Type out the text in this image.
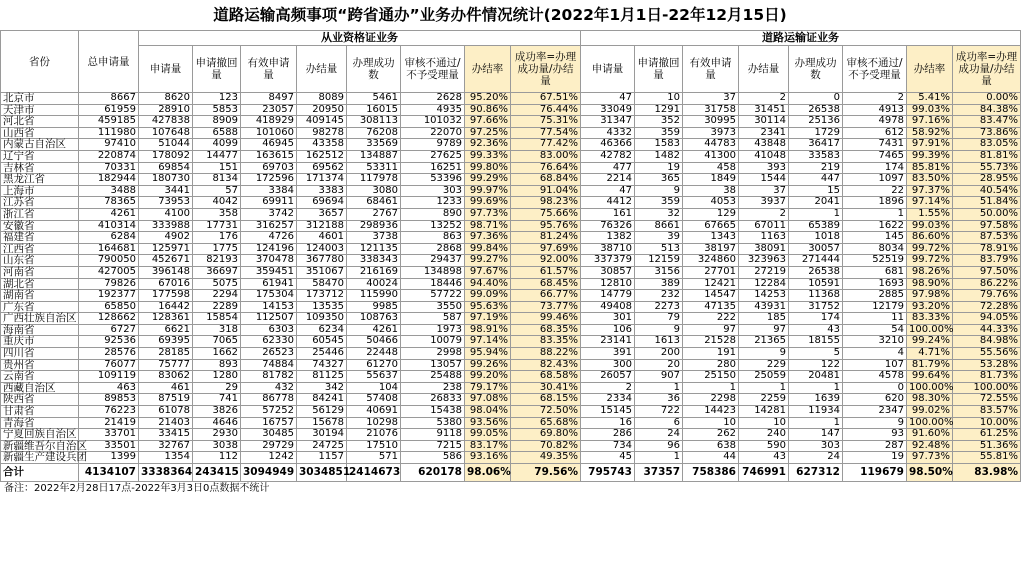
道路运输高频事项“跨省通办”业务办件情况统计(2022年1月1日-22年12月15日)
省份	总申请量	从业资格证业务								道路运输证业务							
		申请量	申请撤回量	有效申请量	办结量	办理成功数	审核不通过/不予受理量	办结率	成功率=办理成功量/办结量	申请量	申请撤回量	有效申请量	办结量	办理成功数	审核不通过/不予受理量	办结率	成功率=办理成功量/办结量
北京市	8667	8620	123	8497	8089	5461	2628	95.20%	67.51%	47	10	37	2	0	2	5.41%	0.00%
天津市	61959	28910	5853	23057	20950	16015	4935	90.86%	76.44%	33049	1291	31758	31451	26538	4913	99.03%	84.38%
河北省	459185	427838	8909	418929	409145	308113	101032	97.66%	75.31%	31347	352	30995	30114	25136	4978	97.16%	83.47%
山西省	111980	107648	6588	101060	98278	76208	22070	97.25%	77.54%	4332	359	3973	2341	1729	612	58.92%	73.86%
内蒙古自治区	97410	51044	4099	46945	43358	33569	9789	92.36%	77.42%	46366	1583	44783	43848	36417	7431	97.91%	83.05%
辽宁省	220874	178092	14477	163615	162512	134887	27625	99.33%	83.00%	42782	1482	41300	41048	33583	7465	99.39%	81.81%
吉林省	70331	69854	151	69703	69562	53311	16251	99.80%	76.64%	477	19	458	393	219	174	85.81%	55.73%
黑龙江省	182944	180730	8134	172596	171374	117978	53396	99.29%	68.84%	2214	365	1849	1544	447	1097	83.50%	28.95%
上海市	3488	3441	57	3384	3383	3080	303	99.97%	91.04%	47	9	38	37	15	22	97.37%	40.54%
江苏省	78365	73953	4042	69911	69694	68461	1233	99.69%	98.23%	4412	359	4053	3937	2041	1896	97.14%	51.84%
浙江省	4261	4100	358	3742	3657	2767	890	97.73%	75.66%	161	32	129	2	1	1	1.55%	50.00%
安徽省	410314	333988	17731	316257	312188	298936	13252	98.71%	95.76%	76326	8661	67665	67011	65389	1622	99.03%	97.58%
福建省	6284	4902	176	4726	4601	3738	863	97.36%	81.24%	1382	39	1343	1163	1018	145	86.60%	87.53%
江西省	164681	125971	1775	124196	124003	121135	2868	99.84%	97.69%	38710	513	38197	38091	30057	8034	99.72%	78.91%
山东省	790050	452671	82193	370478	367780	338343	29437	99.27%	92.00%	337379	12159	324860	323963	271444	52519	99.72%	83.79%
河南省	427005	396148	36697	359451	351067	216169	134898	97.67%	61.57%	30857	3156	27701	27219	26538	681	98.26%	97.50%
湖北省	79826	67016	5075	61941	58470	40024	18446	94.40%	68.45%	12810	389	12421	12284	10591	1693	98.90%	86.22%
湖南省	192377	177598	2294	175304	173712	115990	57722	99.09%	66.77%	14779	232	14547	14253	11368	2885	97.98%	79.76%
广东省	65850	16442	2289	14153	13535	9985	3550	95.63%	73.77%	49408	2273	47135	43931	31752	12179	93.20%	72.28%
广西壮族自治区	128662	128361	15854	112507	109350	108763	587	97.19%	99.46%	301	79	222	185	174	11	83.33%	94.05%
海南省	6727	6621	318	6303	6234	4261	1973	98.91%	68.35%	106	9	97	97	43	54	100.00%	44.33%
重庆市	92536	69395	7065	62330	60545	50466	10079	97.14%	83.35%	23141	1613	21528	21365	18155	3210	99.24%	84.98%
四川省	28576	28185	1662	26523	25446	22448	2998	95.94%	88.22%	391	200	191	9	5	4	4.71%	55.56%
贵州省	76077	75777	893	74884	74327	61270	13057	99.26%	82.43%	300	20	280	229	122	107	81.79%	53.28%
云南省	109119	83062	1280	81782	81125	55637	25488	99.20%	68.58%	26057	907	25150	25059	20481	4578	99.64%	81.73%
西藏自治区	463	461	29	432	342	104	238	79.17%	30.41%	2	1	1	1	1	0	100.00%	100.00%
陕西省	89853	87519	741	86778	84241	57408	26833	97.08%	68.15%	2334	36	2298	2259	1639	620	98.30%	72.55%
甘肃省	76223	61078	3826	57252	56129	40691	15438	98.04%	72.50%	15145	722	14423	14281	11934	2347	99.02%	83.57%
青海省	21419	21403	4646	16757	15678	10298	5380	93.56%	65.68%	16	6	10	10	1	9	100.00%	10.00%
宁夏回族自治区	33701	33415	2930	30485	30194	21076	9118	99.05%	69.80%	286	24	262	240	147	93	91.60%	61.25%
新疆维吾尔自治区	33501	32767	3038	29729	24725	17510	7215	83.17%	70.82%	734	96	638	590	303	287	92.48%	51.36%
新疆生产建设兵团	1399	1354	112	1242	1157	571	586	93.16%	49.35%	45	1	44	43	24	19	97.73%	55.81%
合计	4134107	3338364	243415	3094949	3034851	2414673	620178	98.06%	79.56%	795743	37357	758386	746991	627312	119679	98.50%	83.98%
备注：2022年2月28日17点-2022年3月3日0点数据不统计
